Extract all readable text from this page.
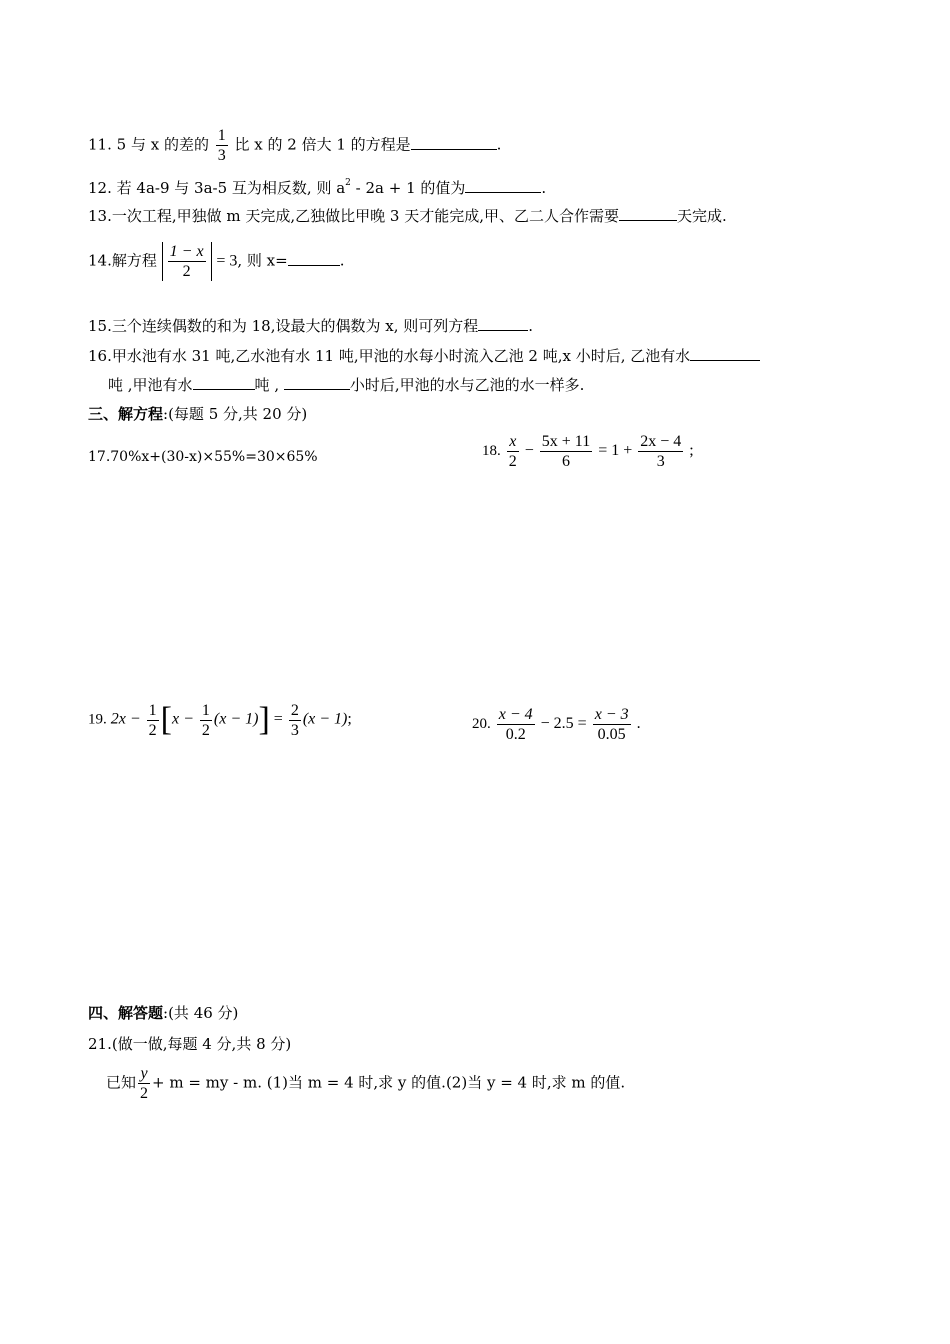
11. 5 与 x 的差的 $\frac{1}{3}$ 比 x 的 2 倍大 1 的方程是	.
12. 若 4a-9 与 3a-5 互为相反数, 则 $a^2 - 2a + 1$ 的值为	.
13.一次工程,甲独做 m 天完成,乙独做比甲晚 3 天才能完成,甲、乙二人合作需要	天完成.
14.解方程 $\frac{1 - x}{2} = 3$, 则 x=	.
15.三个连续偶数的和为 18,设最大的偶数为 x, 则可列方程	.
16.甲水池有水 31 吨,乙水池有水 11 吨,甲池的水每小时流入乙池 2 吨,x 小时后, 乙池有水
吨 ,甲池有水	吨 ,	小时后,甲池的水与乙池的水一样多.
三、解方程:(每题 5 分,共 20 分)
17.70%x+(30-x)×55%=30×65%	18. $\frac{x}{2} - \frac{5x + 11}{6} = 1 + \frac{2x - 4}{3}$ ;
19. $2x - \frac{1}{2} [x - \frac{1}{2} (x - 1)] = \frac{2}{3} (x - 1)$;	20. $\frac{x - 4}{0.2} - 2.5 = \frac{x - 3}{0.05}$ .
四、解答题:(共 46 分)
21.(做一做,每题 4 分,共 8 分)
已知 $\frac{y}{2} + m$ = my - m. (1)当 m = 4 时,求 y 的值.(2)当 y = 4 时,求 m 的值.
